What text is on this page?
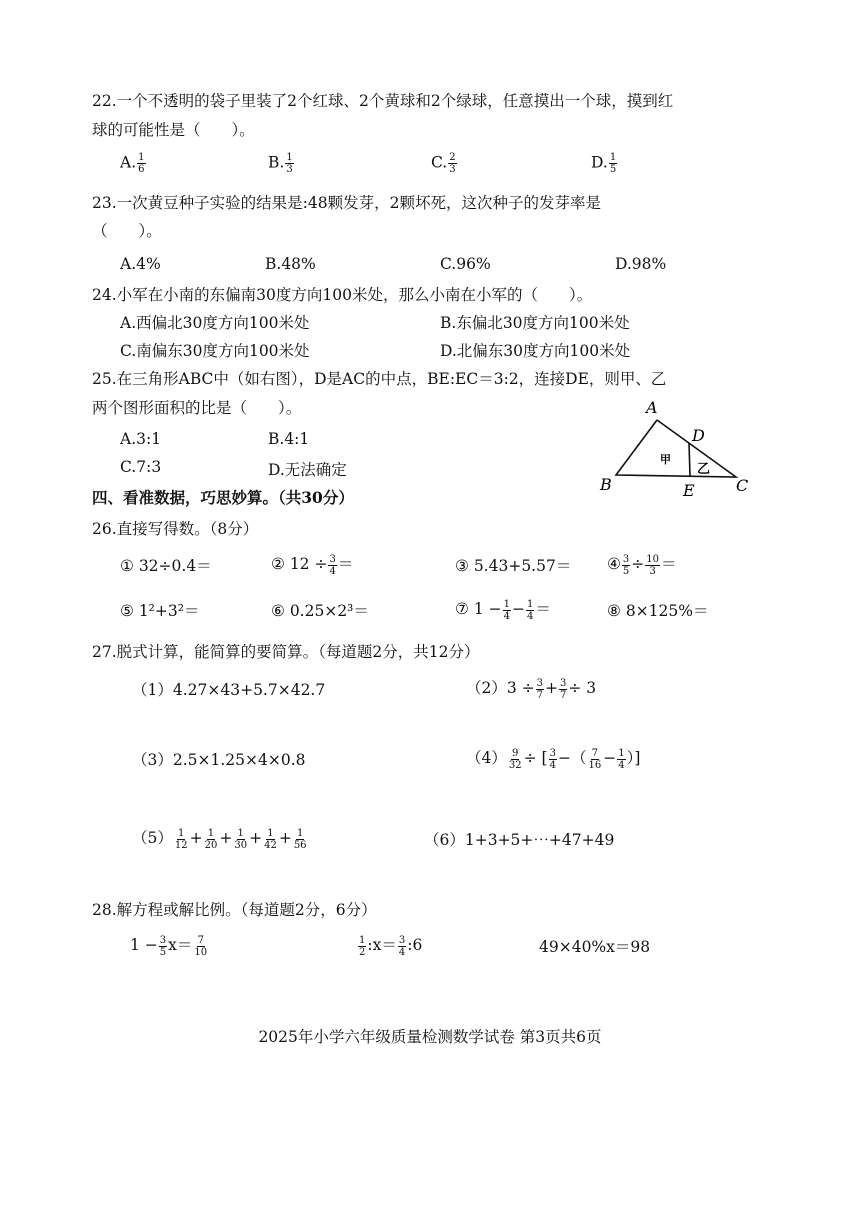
22.一个不透明的袋子里装了2个红球、2个黄球和2个绿球，任意摸出一个球，摸到红
球的可能性是（　　）。
A. $\frac{1}{6}$	B. $\frac{1}{3}$	C. $\frac{2}{3}$	D. $\frac{1}{5}$
23.一次黄豆种子实验的结果是:48颗发芽，2颗坏死，这次种子的发芽率是
（　　）。
A.4%	B.48%	C.96%	D.98%
24.小军在小南的东偏南30度方向100米处，那么小南在小军的（　　）。
A.西偏北30度方向100米处	B.东偏北30度方向100米处
C.南偏东30度方向100米处	D.北偏东30度方向100米处
25.在三角形ABC中（如右图），D是AC的中点，BE:EC＝3:2，连接DE，则甲、乙
两个图形面积的比是（　　）。
A.3:1	B.4:1
C.7:3	D.无法确定
A
D
B	E	C
甲
乙
四、看准数据，巧思妙算。（共30分）
26.直接写得数。（8分）
① 32÷0.4＝	② $12 \div \frac{3}{4}$ ＝	③ 5.43+5.57＝ ④ $\frac{3}{5} \div \frac{10}{3}$ ＝
⑤ 1²+3²＝	⑥ 0.25×2³＝	⑦ $1 - \frac{1}{4} - \frac{1}{4}$ ＝	⑧ 8×125%＝
27.脱式计算，能简算的要简算。（每道题2分，共12分）
（1）4.27×43+5.7×42.7	$(2)3 \div \frac{3}{7} + \frac{3}{7} \div 3$
（3）2.5×1.25×4×0.8	$(4) \frac{9}{32}$ ÷ [ $\frac{3}{4}$ −（ $\frac{7}{16} - \frac{1}{4}$ ）]
$(5) \frac{1}{12} + \frac{1}{20} + \frac{1}{30} + \frac{1}{42} + \frac{1}{56}$	（6）1+3+5+⋯+47+49
28.解方程或解比例。（每道题2分，6分）
$1 - \frac{3}{5} x= \frac{7}{10}$	$\frac{1}{2}$ :x＝ $\frac{3}{4}$ :6	49×40%x＝98
2025年小学六年级质量检测数学试卷 第3页共6页
